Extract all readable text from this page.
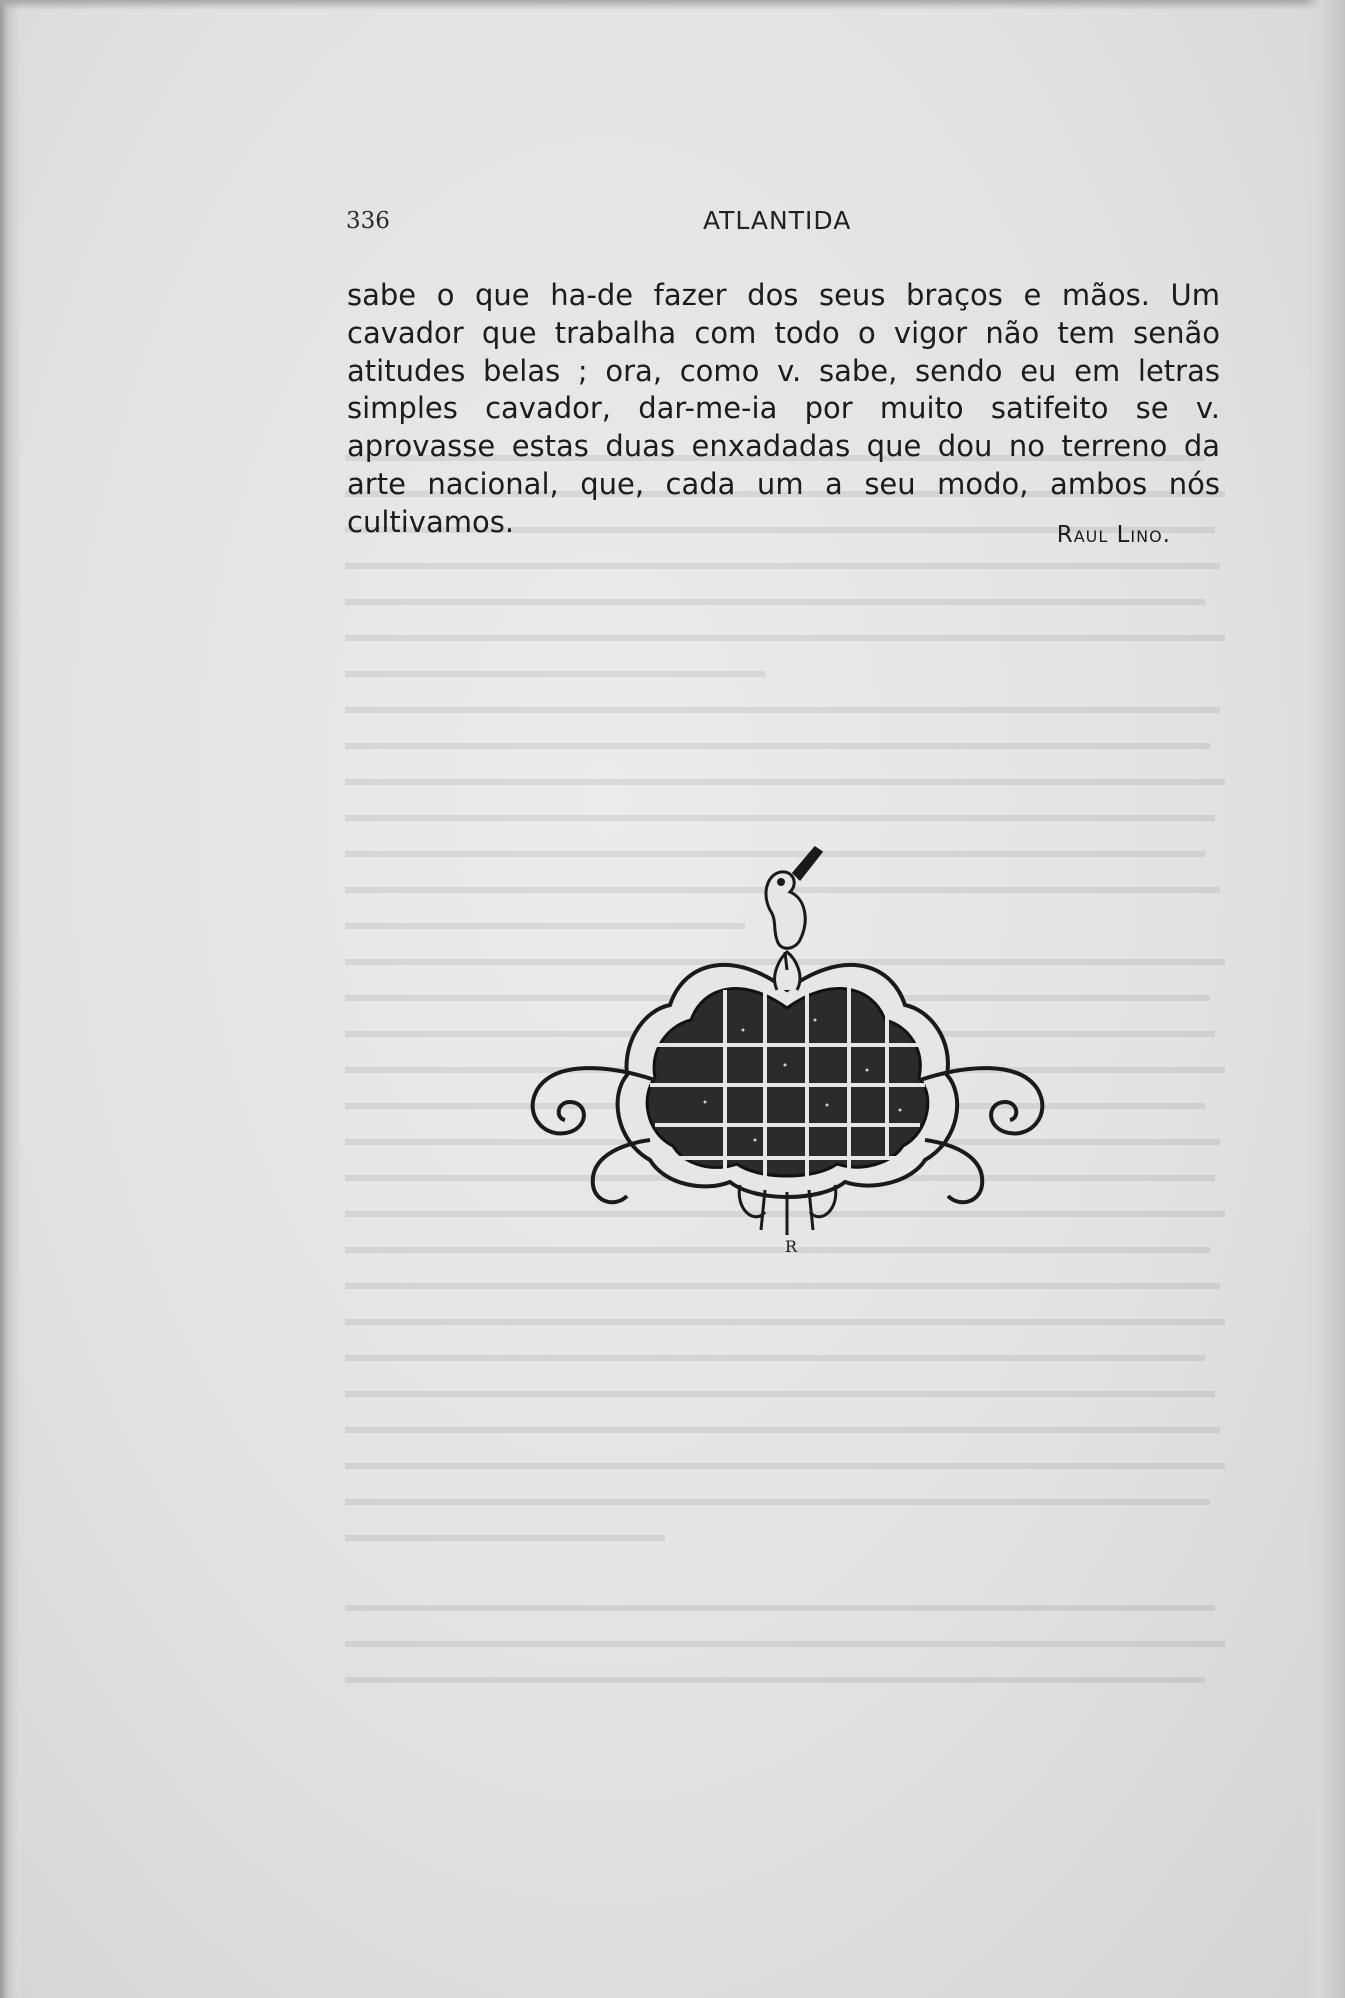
336	ATLANTIDA

sabe o que ha-de fazer dos seus braços e mãos. Um cavador que trabalha com todo o vigor não tem senão atitudes belas ; ora, como v. sabe, sendo eu em letras simples cavador, dar-me-ia por muito satifeito se v. aprovasse estas duas enxadadas que dou no terreno da arte nacional, que, cada um a seu modo, ambos nós cultivamos.	Raul Lino.

R
